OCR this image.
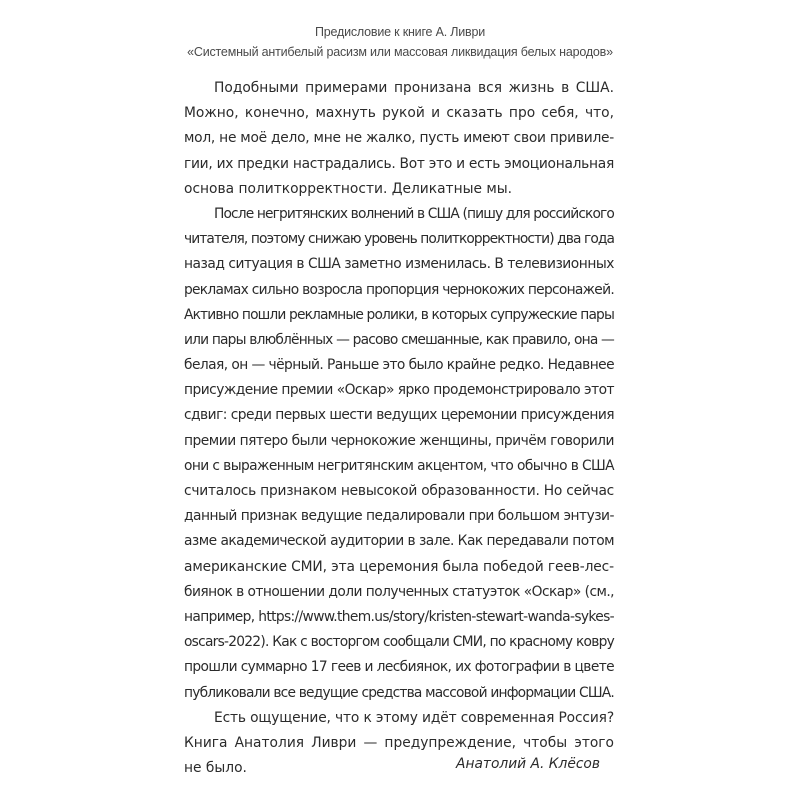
Предисловие к книге А. Ливри
«Системный антибелый расизм или массовая ликвидация белых народов»
Подобными примерами пронизана вся жизнь в США.
Можно, конечно, махнуть рукой и сказать про себя, что,
мол, не моё дело, мне не жалко, пусть имеют свои привиле-
гии, их предки настрадались. Вот это и есть эмоциональная
основа политкорректности. Деликатные мы.
После негритянских волнений в США (пишу для российского
читателя, поэтому снижаю уровень политкорректности) два года
назад ситуация в США заметно изменилась. В телевизионных
рекламах сильно возросла пропорция чернокожих персонажей.
Активно пошли рекламные ролики, в которых супружеские пары
или пары влюблённых — расово смешанные, как правило, она —
белая, он — чёрный. Раньше это было крайне редко. Недавнее
присуждение премии «Оскар» ярко продемонстрировало этот
сдвиг: среди первых шести ведущих церемонии присуждения
премии пятеро были чернокожие женщины, причём говорили
они с выраженным негритянским акцентом, что обычно в США
считалось признаком невысокой образованности. Но сейчас
данный признак ведущие педалировали при большом энтузи-
азме академической аудитории в зале. Как передавали потом
американские СМИ, эта церемония была победой геев-лес-
биянок в отношении доли полученных статуэток «Оскар» (см.,
например, https://www.them.us/story/kristen-stewart-wanda-sykes-
oscars-2022). Как с восторгом сообщали СМИ, по красному ковру
прошли суммарно 17 геев и лесбиянок, их фотографии в цвете
публиковали все ведущие средства массовой информации США.
Есть ощущение, что к этому идёт современная Россия?
Книга Анатолия Ливри — предупреждение, чтобы этого
не было.	Анатолий А. Клёсов
